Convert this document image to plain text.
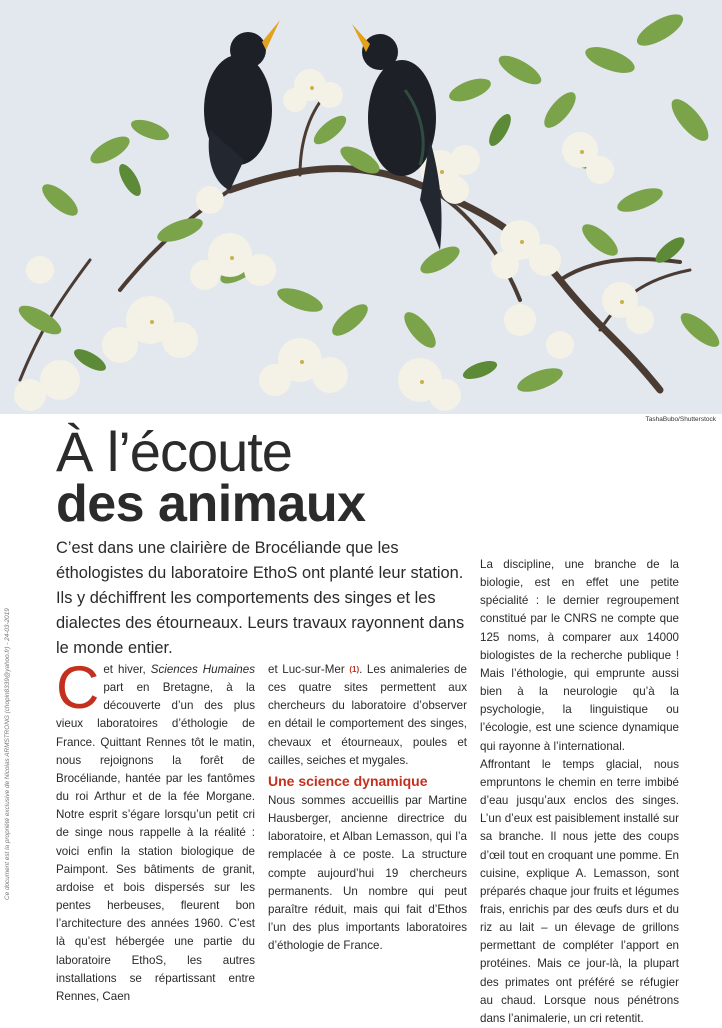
TashaBubo/Shutterstock
Ce document est la propriété exclusive de Nicolas ARMSTRONG (chopin8339@yahoo.fr) - 24-03-2019
À l’écoute
des animaux

C’est dans une clairière de Brocéliande que les éthologistes du laboratoire EthoS ont planté leur station. Ils y déchiffrent les comportements des singes et les dialectes des étourneaux. Leurs travaux rayonnent dans le monde entier.

Cet hiver, Sciences Humaines part en Bretagne, à la découverte d’un des plus vieux laboratoires d’éthologie de France. Quittant Rennes tôt le matin, nous rejoignons la forêt de Brocéliande, hantée par les fantômes du roi Arthur et de la fée Morgane. Notre esprit s’égare lorsqu’un petit cri de singe nous rappelle à la réalité : voici enfin la station biologique de Paimpont. Ses bâtiments de granit, ardoise et bois dispersés sur les pentes herbeuses, fleurent bon l’architecture des années 1960. C’est là qu’est hébergée une partie du laboratoire EthoS, les autres installations se répartissant entre Rennes, Caen

et Luc-sur-Mer (1). Les animaleries de ces quatre sites permettent aux chercheurs du laboratoire d’observer en détail le comportement des singes, chevaux et étourneaux, poules et cailles, seiches et mygales.

Une science dynamique

Nous sommes accueillis par Martine Hausberger, ancienne directrice du laboratoire, et Alban Lemasson, qui l’a remplacée à ce poste. La structure compte aujourd’hui 19 chercheurs permanents. Un nombre qui peut paraître réduit, mais qui fait d’Ethos l’un des plus importants laboratoires d’éthologie de France.

La discipline, une branche de la biologie, est en effet une petite spécialité : le dernier regroupement constitué par le CNRS ne compte que 125 noms, à comparer aux 14000 biologistes de la recherche publique ! Mais l’éthologie, qui emprunte aussi bien à la neurologie qu’à la psychologie, la linguistique ou l’écologie, est une science dynamique qui rayonne à l’international.

Affrontant le temps glacial, nous empruntons le chemin en terre imbibé d’eau jusqu’aux enclos des singes. L’un d’eux est paisiblement installé sur sa branche. Il nous jette des coups d’œil tout en croquant une pomme. En cuisine, explique A. Lemasson, sont préparés chaque jour fruits et légumes frais, enrichis par des œufs durs et du riz au lait – un élevage de grillons permettant de compléter l’apport en protéines. Mais ce jour-là, la plupart des primates ont préféré se réfugier au chaud. Lorsque nous pénétrons dans l’animalerie, un cri retentit.
